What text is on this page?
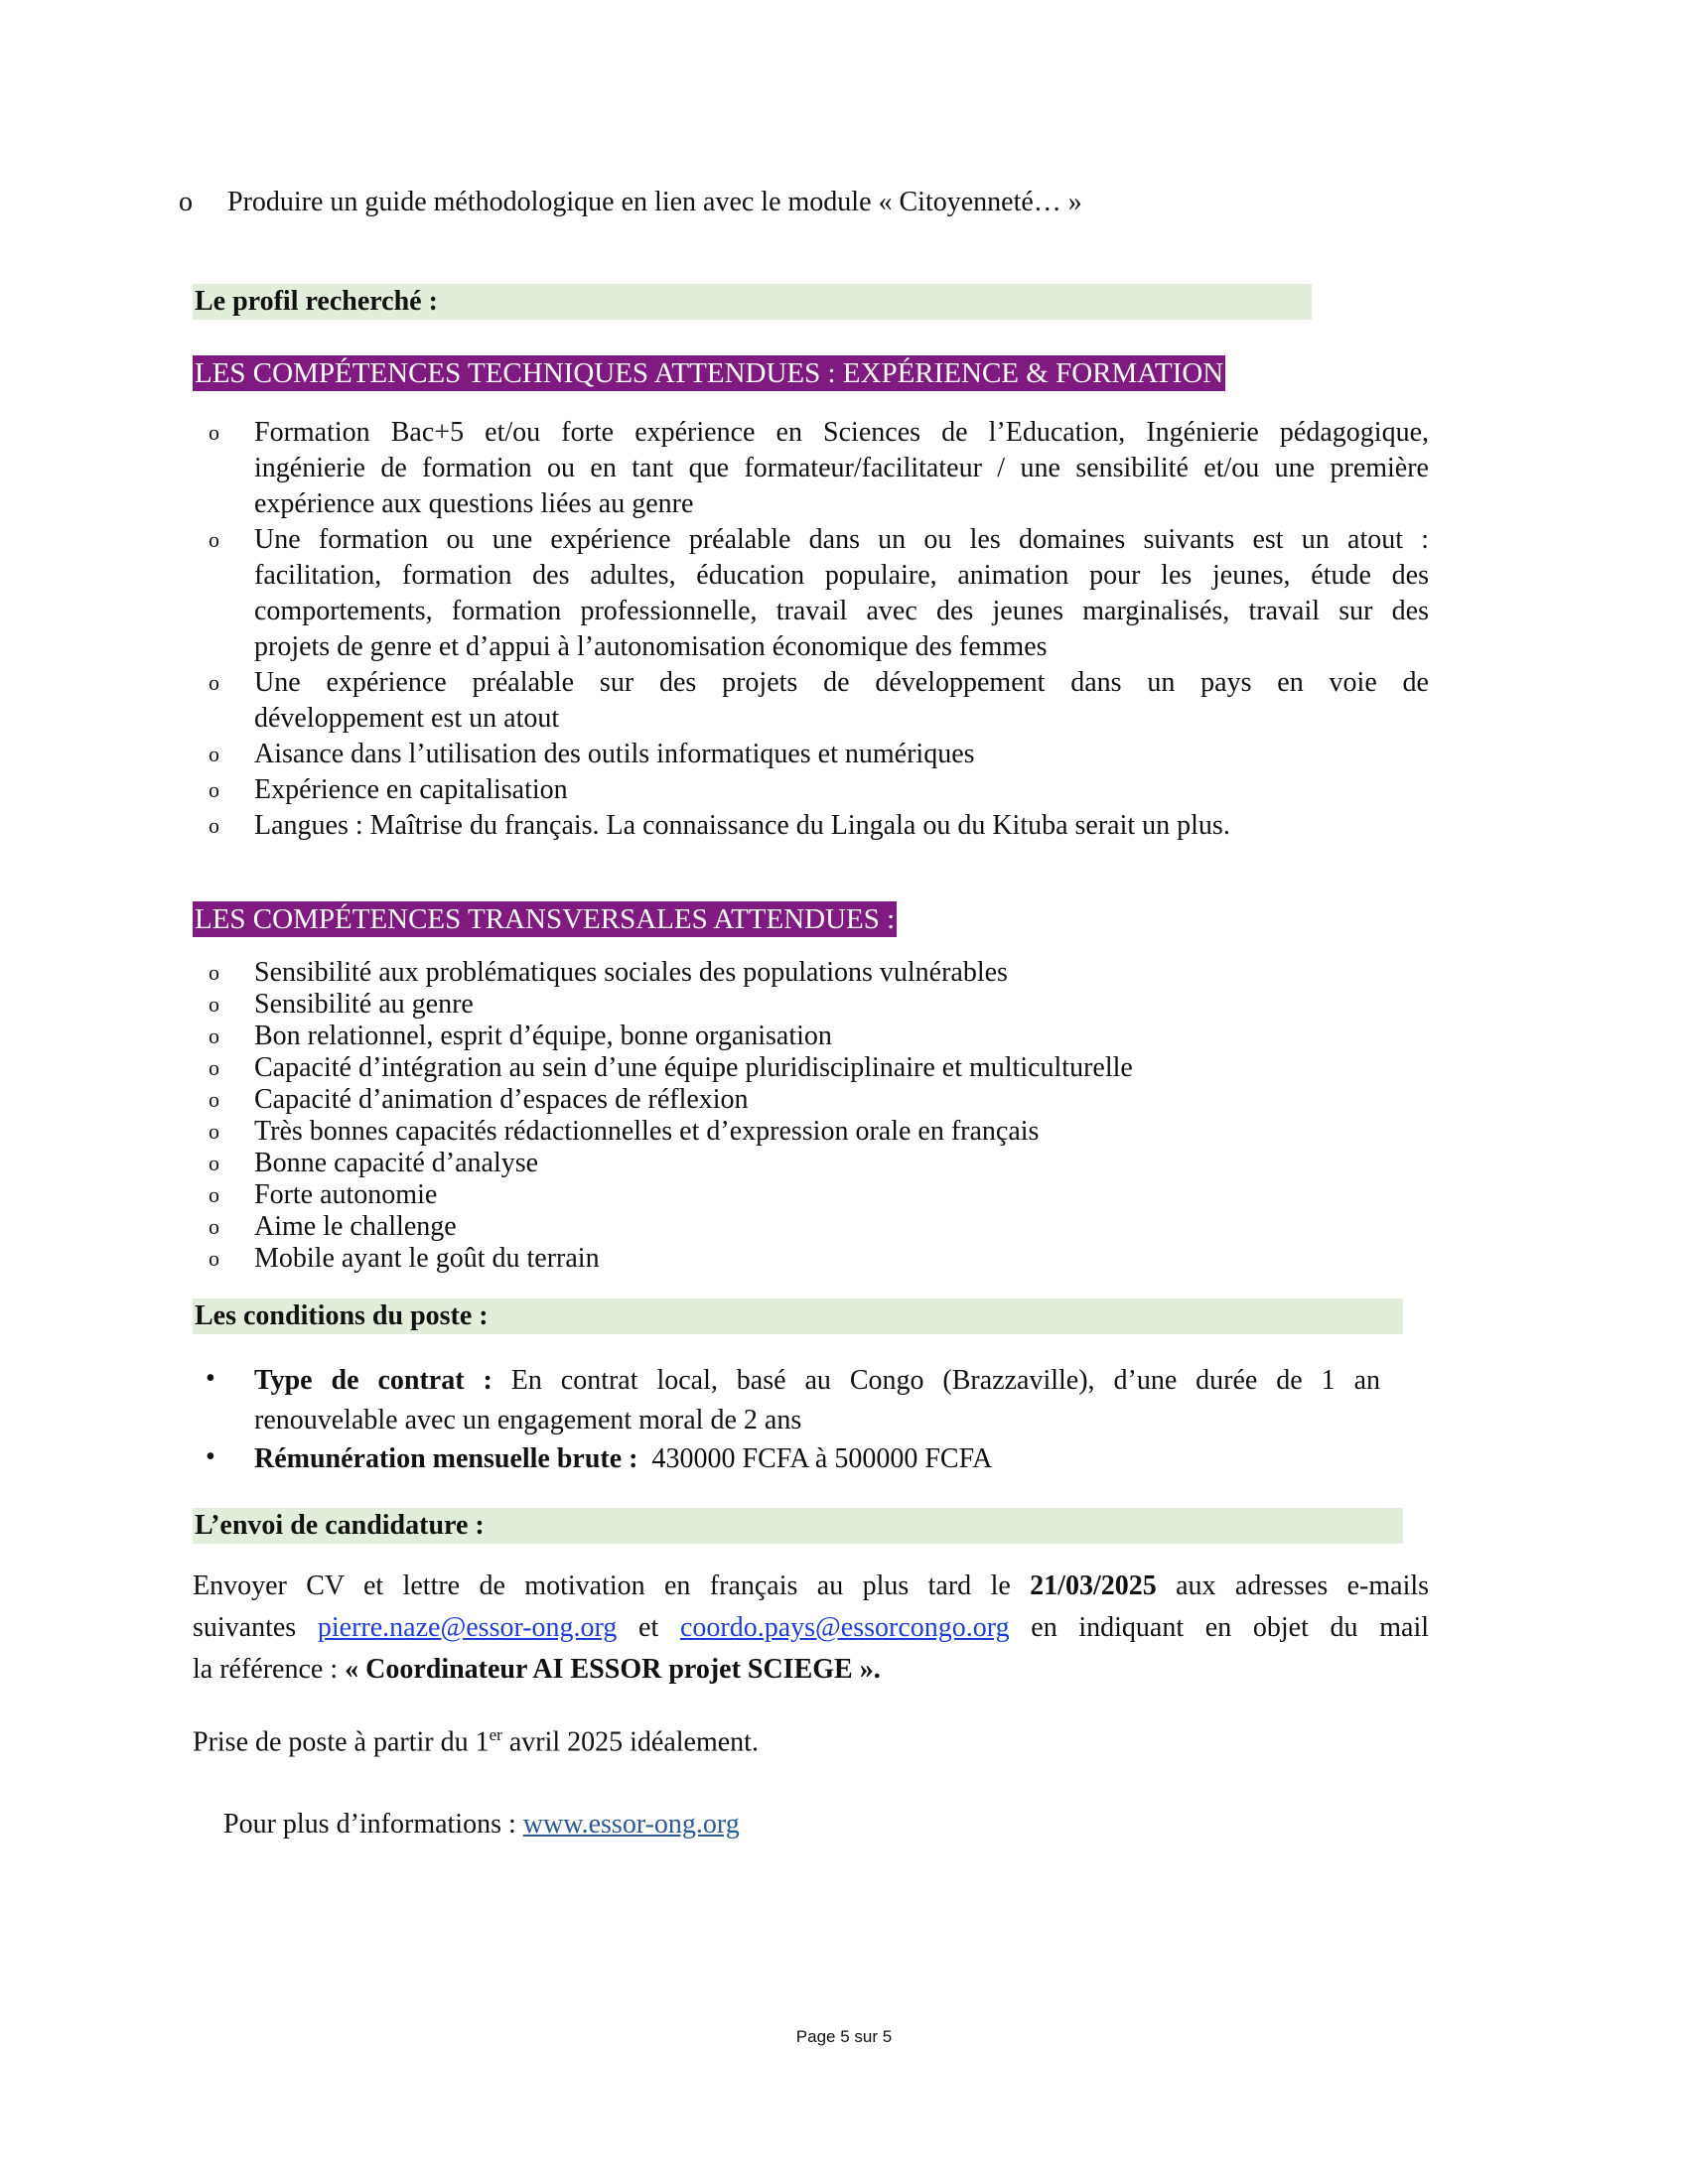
o Produire un guide méthodologique en lien avec le module « Citoyenneté… »
Le profil recherché :
LES COMPÉTENCES TECHNIQUES ATTENDUES : EXPÉRIENCE & FORMATION
o Formation Bac+5 et/ou forte expérience en Sciences de l’Education, Ingénierie pédagogique,
ingénierie de formation ou en tant que formateur/facilitateur / une sensibilité et/ou une première
expérience aux questions liées au genre
o Une formation ou une expérience préalable dans un ou les domaines suivants est un atout :
facilitation, formation des adultes, éducation populaire, animation pour les jeunes, étude des
comportements, formation professionnelle, travail avec des jeunes marginalisés, travail sur des
projets de genre et d’appui à l’autonomisation économique des femmes
o Une expérience préalable sur des projets de développement dans un pays en voie de
développement est un atout
o Aisance dans l’utilisation des outils informatiques et numériques
o Expérience en capitalisation
o Langues : Maîtrise du français. La connaissance du Lingala ou du Kituba serait un plus.
LES COMPÉTENCES TRANSVERSALES ATTENDUES :
o Sensibilité aux problématiques sociales des populations vulnérables
o Sensibilité au genre
o Bon relationnel, esprit d’équipe, bonne organisation
o Capacité d’intégration au sein d’une équipe pluridisciplinaire et multiculturelle
o Capacité d’animation d’espaces de réflexion
o Très bonnes capacités rédactionnelles et d’expression orale en français
o Bonne capacité d’analyse
o Forte autonomie
o Aime le challenge
o Mobile ayant le goût du terrain
Les conditions du poste :
• Type de contrat : En contrat local, basé au Congo (Brazzaville), d’une durée de 1 an
renouvelable avec un engagement moral de 2 ans
• Rémunération mensuelle brute : 430000 FCFA à 500000 FCFA
L’envoi de candidature :
Envoyer CV et lettre de motivation en français au plus tard le 21/03/2025 aux adresses e-mails
suivantes pierre.naze@essor-ong.org et coordo.pays@essorcongo.org en indiquant en objet du mail
la référence : « Coordinateur AI ESSOR projet SCIEGE ».
Prise de poste à partir du 1er avril 2025 idéalement.
Pour plus d’informations : www.essor-ong.org
Page 5 sur 5
